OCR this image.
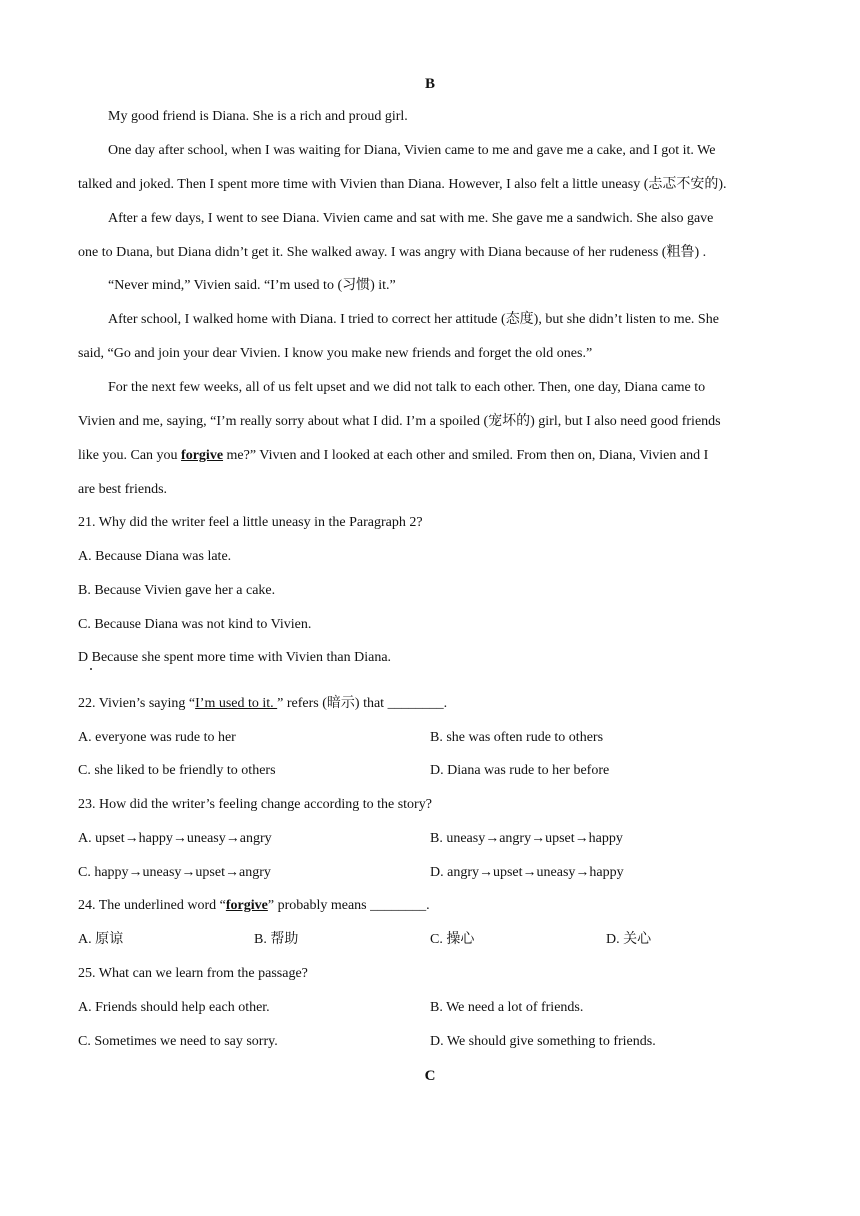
B
My good friend is Diana. She is a rich and proud girl.
One day after school, when I was waiting for Diana, Vivien came to me and gave me a cake, and I got it. We
talked and joked. Then I spent more time with Vivien than Diana. However, I also felt a little uneasy (忐忑不安的).
After a few days, I went to see Diana. Vivien came and sat with me. She gave me a sandwich. She also gave
one to Dιana, but Diana didn’t get it. She walked away. I was angry with Diana because of her rudeness (粗鲁) .
“Never mind,” Vivien said. “I’m used to (习惯) it.”
After school, I walked home with Diana. I tried to correct her attitude (态度), but she didn’t listen to me. She
said, “Go and join your dear Vivien. I know you make new friends and forget the old ones.”
For the next few weeks, all of us felt upset and we did not talk to each other. Then, one day, Diana came to
Vivien and me, saying, “I’m really sorry about what I did. I’m a spoiled (宠坏的) girl, but I also need good friends
like you. Can you forgive me?” Vivιen and I looked at each other and smiled. From then on, Diana, Vivien and I
are best friends.
21. Why did the writer feel a little uneasy in the Paragraph 2?
A. Because Diana was late.
B. Because Vivien gave her a cake.
C. Because Diana was not kind to Vivien.
D Because she spent more time with Vivien than Diana.
22. Vivien’s saying “I’m used to it. ” refers (暗示) that ________.
A. everyone was rude to her	B. she was often rude to others
C. she liked to be friendly to others	D. Diana was rude to her before
23. How did the writer’s feeling change according to the story?
A. upset→happy→uneasy→angry	B. uneasy→angry→upset→happy
C. happy→uneasy→upset→angry	D. angry→upset→uneasy→happy
24. The underlined word “forgive” probably means ________.
A. 原谅	B. 帮助	C. 操心	D. 关心
25. What can we learn from the passage?
A. Friends should help each other.	B. We need a lot of friends.
C. Sometimes we need to say sorry.	D. We should give something to friends.
C
